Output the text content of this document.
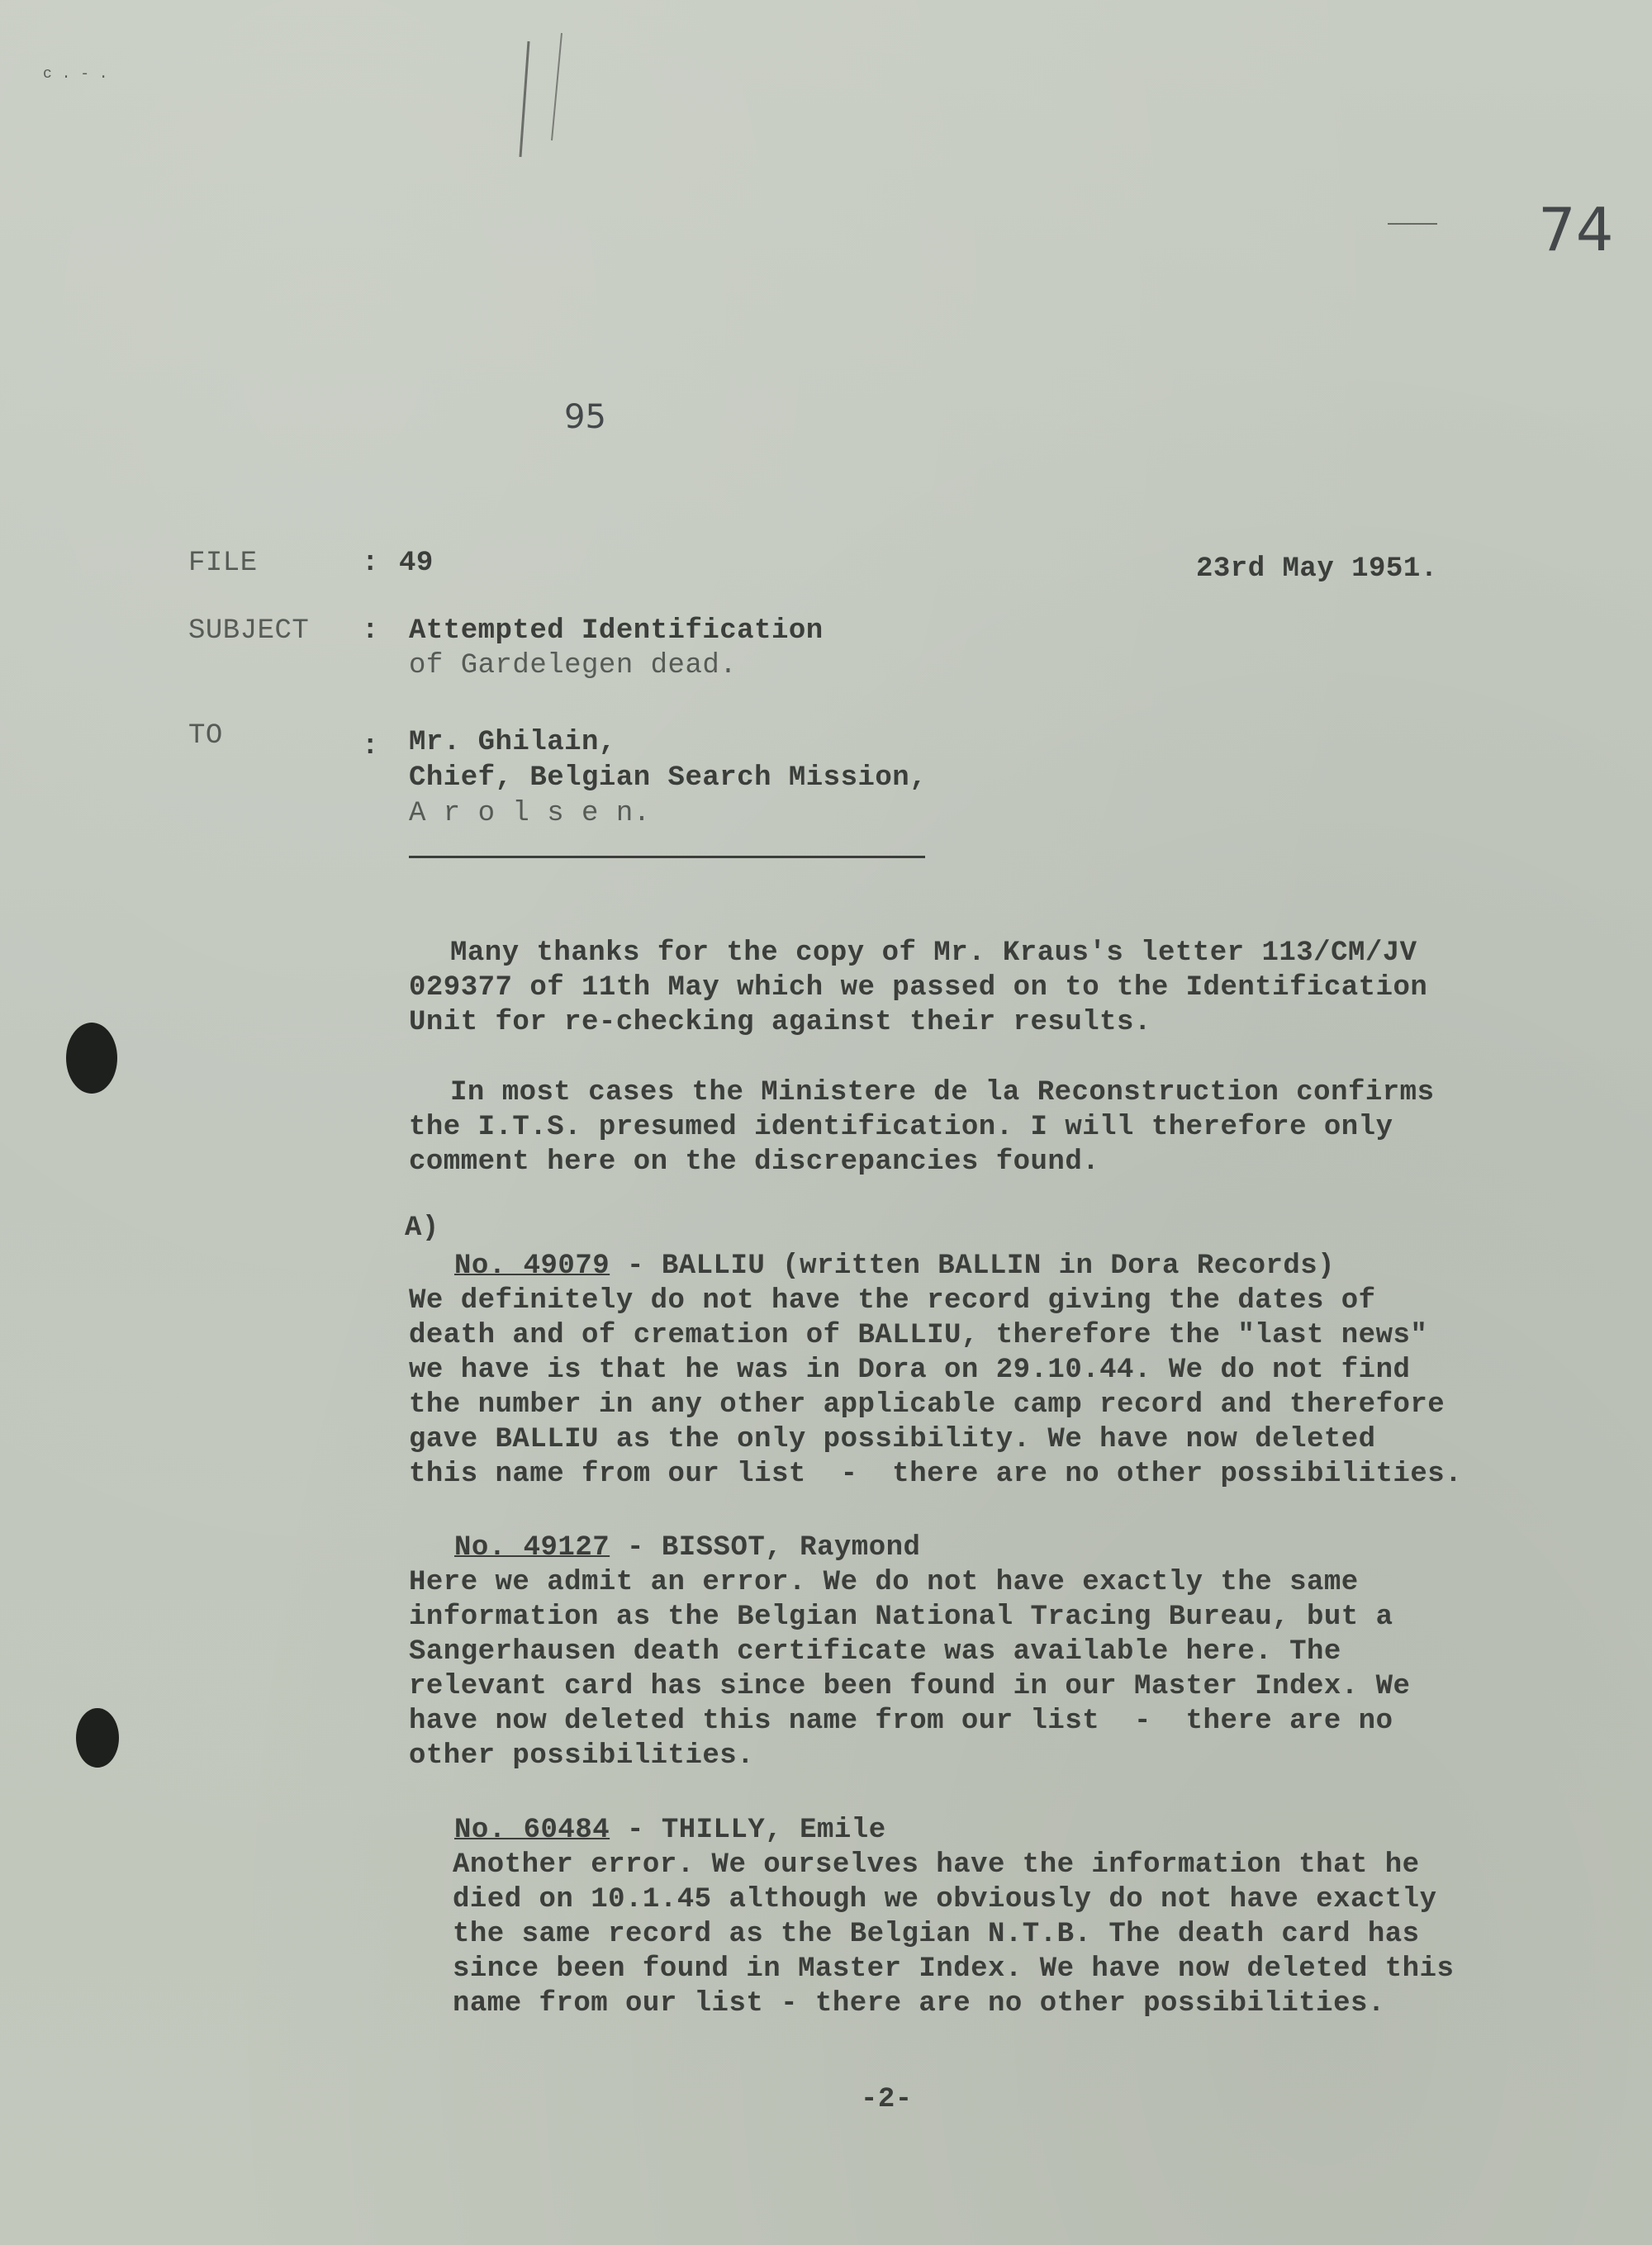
c . - .
74
95
FILE	: 49	23rd May 1951.
SUBJECT : Attempted Identification
of Gardelegen dead.
TO	: Mr. Ghilain,
Chief, Belgian Search Mission,
A r o l s e n.
Many thanks for the copy of Mr. Kraus's letter 113/CM/JV
029377 of 11th May which we passed on to the Identification
Unit for re-checking against their results.
In most cases the Ministere de la Reconstruction confirms
the I.T.S. presumed identification. I will therefore only
comment here on the discrepancies found.
A)
No. 49079 - BALLIU (written BALLIN in Dora Records)
We definitely do not have the record giving the dates of
death and of cremation of BALLIU, therefore the "last news"
we have is that he was in Dora on 29.10.44. We do not find
the number in any other applicable camp record and therefore
gave BALLIU as the only possibility. We have now deleted
this name from our list  -  there are no other possibilities.
No. 49127 - BISSOT, Raymond
Here we admit an error. We do not have exactly the same
information as the Belgian National Tracing Bureau, but a
Sangerhausen death certificate was available here. The
relevant card has since been found in our Master Index. We
have now deleted this name from our list  -  there are no
other possibilities.
No. 60484 - THILLY, Emile
Another error. We ourselves have the information that he
died on 10.1.45 although we obviously do not have exactly
the same record as the Belgian N.T.B. The death card has
since been found in Master Index. We have now deleted this
name from our list - there are no other possibilities.
-2-
